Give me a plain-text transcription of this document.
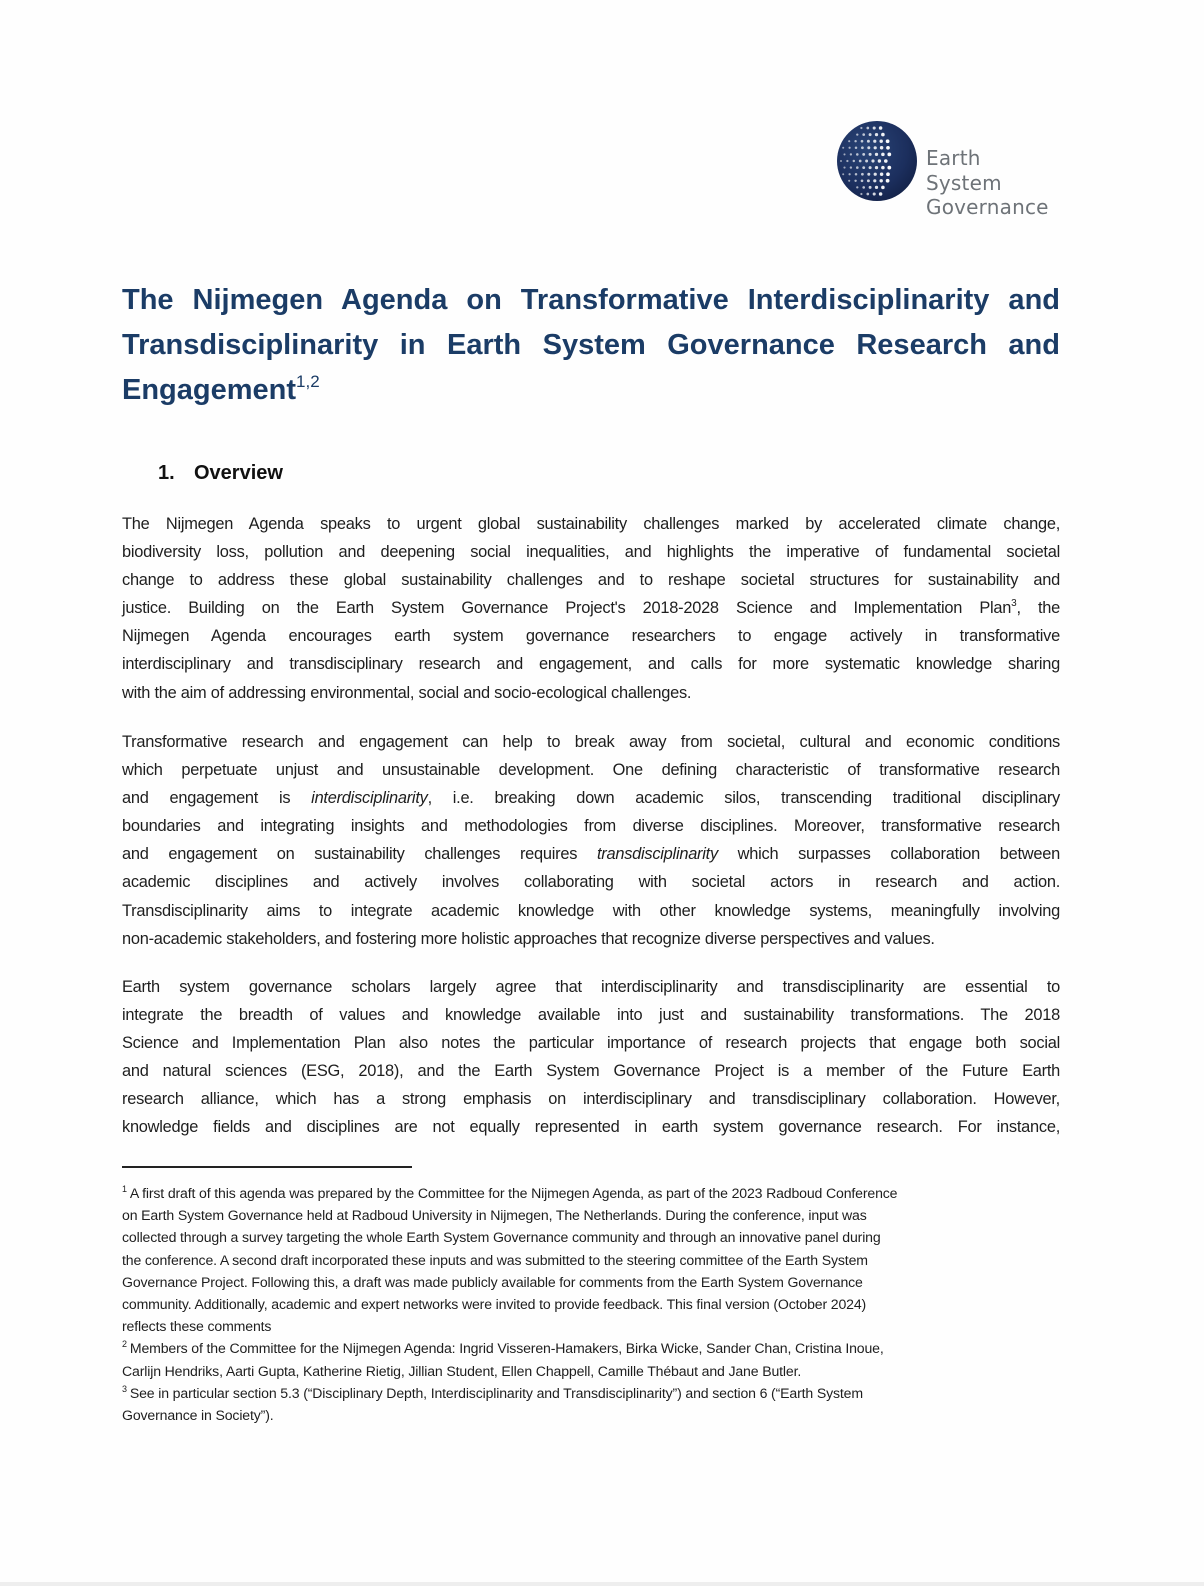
Earth
System
Governance
The Nijmegen Agenda on Transformative Interdisciplinarity and
Transdisciplinarity in Earth System Governance Research and
Engagement$^{1,2}$
1. Overview
The Nijmegen Agenda speaks to urgent global sustainability challenges marked by accelerated climate change,
biodiversity loss, pollution and deepening social inequalities, and highlights the imperative of fundamental societal
change to address these global sustainability challenges and to reshape societal structures for sustainability and
justice. Building on the Earth System Governance Project's 2018-2028 Science and Implementation Plan$^3$, the
Nijmegen Agenda encourages earth system governance researchers to engage actively in transformative
interdisciplinary and transdisciplinary research and engagement, and calls for more systematic knowledge sharing
with the aim of addressing environmental, social and socio-ecological challenges.
Transformative research and engagement can help to break away from societal, cultural and economic conditions
which perpetuate unjust and unsustainable development. One defining characteristic of transformative research
and engagement is interdisciplinarity, i.e. breaking down academic silos, transcending traditional disciplinary
boundaries and integrating insights and methodologies from diverse disciplines. Moreover, transformative research
and engagement on sustainability challenges requires transdisciplinarity which surpasses collaboration between
academic disciplines and actively involves collaborating with societal actors in research and action.
Transdisciplinarity aims to integrate academic knowledge with other knowledge systems, meaningfully involving
non-academic stakeholders, and fostering more holistic approaches that recognize diverse perspectives and values.
Earth system governance scholars largely agree that interdisciplinarity and transdisciplinarity are essential to
integrate the breadth of values and knowledge available into just and sustainability transformations. The 2018
Science and Implementation Plan also notes the particular importance of research projects that engage both social
and natural sciences (ESG, 2018), and the Earth System Governance Project is a member of the Future Earth
research alliance, which has a strong emphasis on interdisciplinary and transdisciplinary collaboration. However,
knowledge fields and disciplines are not equally represented in earth system governance research. For instance,
$^1$ A first draft of this agenda was prepared by the Committee for the Nijmegen Agenda, as part of the 2023 Radboud Conference
on Earth System Governance held at Radboud University in Nijmegen, The Netherlands. During the conference, input was
collected through a survey targeting the whole Earth System Governance community and through an innovative panel during
the conference. A second draft incorporated these inputs and was submitted to the steering committee of the Earth System
Governance Project. Following this, a draft was made publicly available for comments from the Earth System Governance
community. Additionally, academic and expert networks were invited to provide feedback. This final version (October 2024)
reflects these comments
$^2$ Members of the Committee for the Nijmegen Agenda: Ingrid Visseren-Hamakers, Birka Wicke, Sander Chan, Cristina Inoue,
Carlijn Hendriks, Aarti Gupta, Katherine Rietig, Jillian Student, Ellen Chappell, Camille Thébaut and Jane Butler.
$^3$ See in particular section 5.3 (“Disciplinary Depth, Interdisciplinarity and Transdisciplinarity”) and section 6 (“Earth System
Governance in Society”).
